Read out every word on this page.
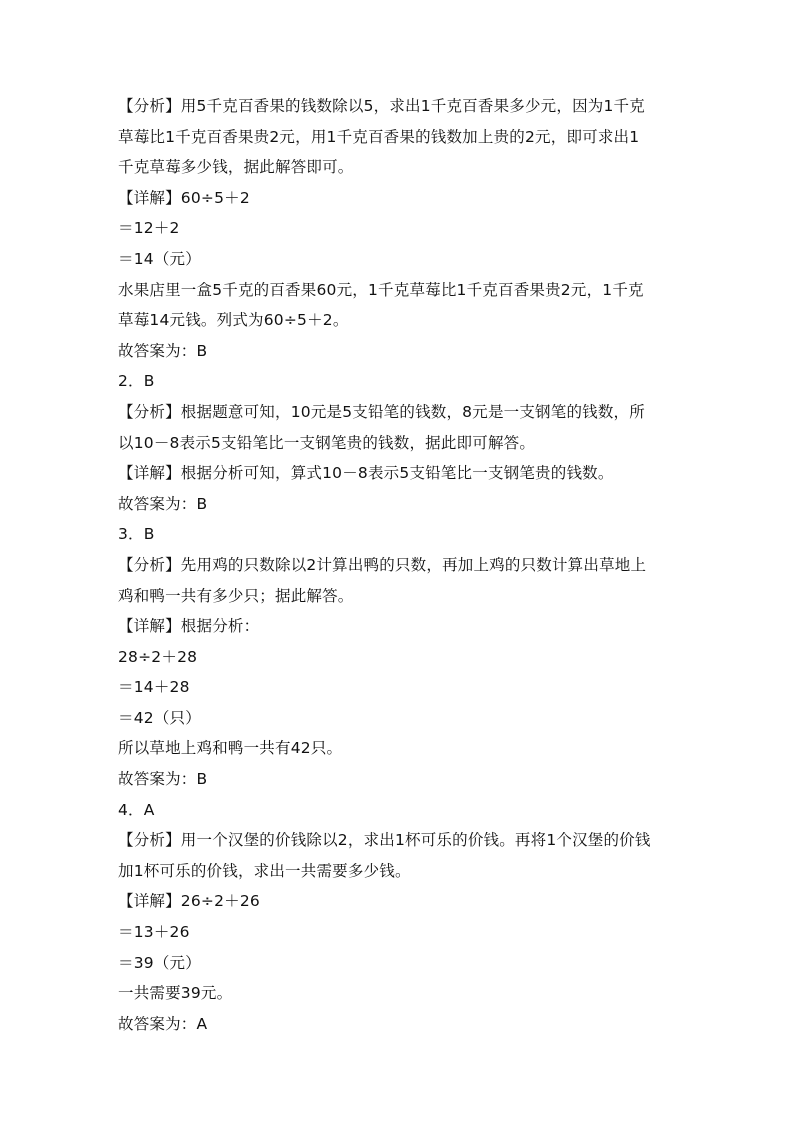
【分析】用5千克百香果的钱数除以5，求出1千克百香果多少元，因为1千克
草莓比1千克百香果贵2元，用1千克百香果的钱数加上贵的2元，即可求出1
千克草莓多少钱，据此解答即可。
【详解】60÷5＋2
＝12＋2
＝14（元）
水果店里一盒5千克的百香果60元，1千克草莓比1千克百香果贵2元，1千克
草莓14元钱。列式为60÷5＋2。
故答案为：B
2．B
【分析】根据题意可知，10元是5支铅笔的钱数，8元是一支钢笔的钱数，所
以10－8表示5支铅笔比一支钢笔贵的钱数，据此即可解答。
【详解】根据分析可知，算式10－8表示5支铅笔比一支钢笔贵的钱数。
故答案为：B
3．B
【分析】先用鸡的只数除以2计算出鸭的只数，再加上鸡的只数计算出草地上
鸡和鸭一共有多少只；据此解答。
【详解】根据分析：
28÷2＋28
＝14＋28
＝42（只）
所以草地上鸡和鸭一共有42只。
故答案为：B
4．A
【分析】用一个汉堡的价钱除以2，求出1杯可乐的价钱。再将1个汉堡的价钱
加1杯可乐的价钱，求出一共需要多少钱。
【详解】26÷2＋26
＝13＋26
＝39（元）
一共需要39元。
故答案为：A
